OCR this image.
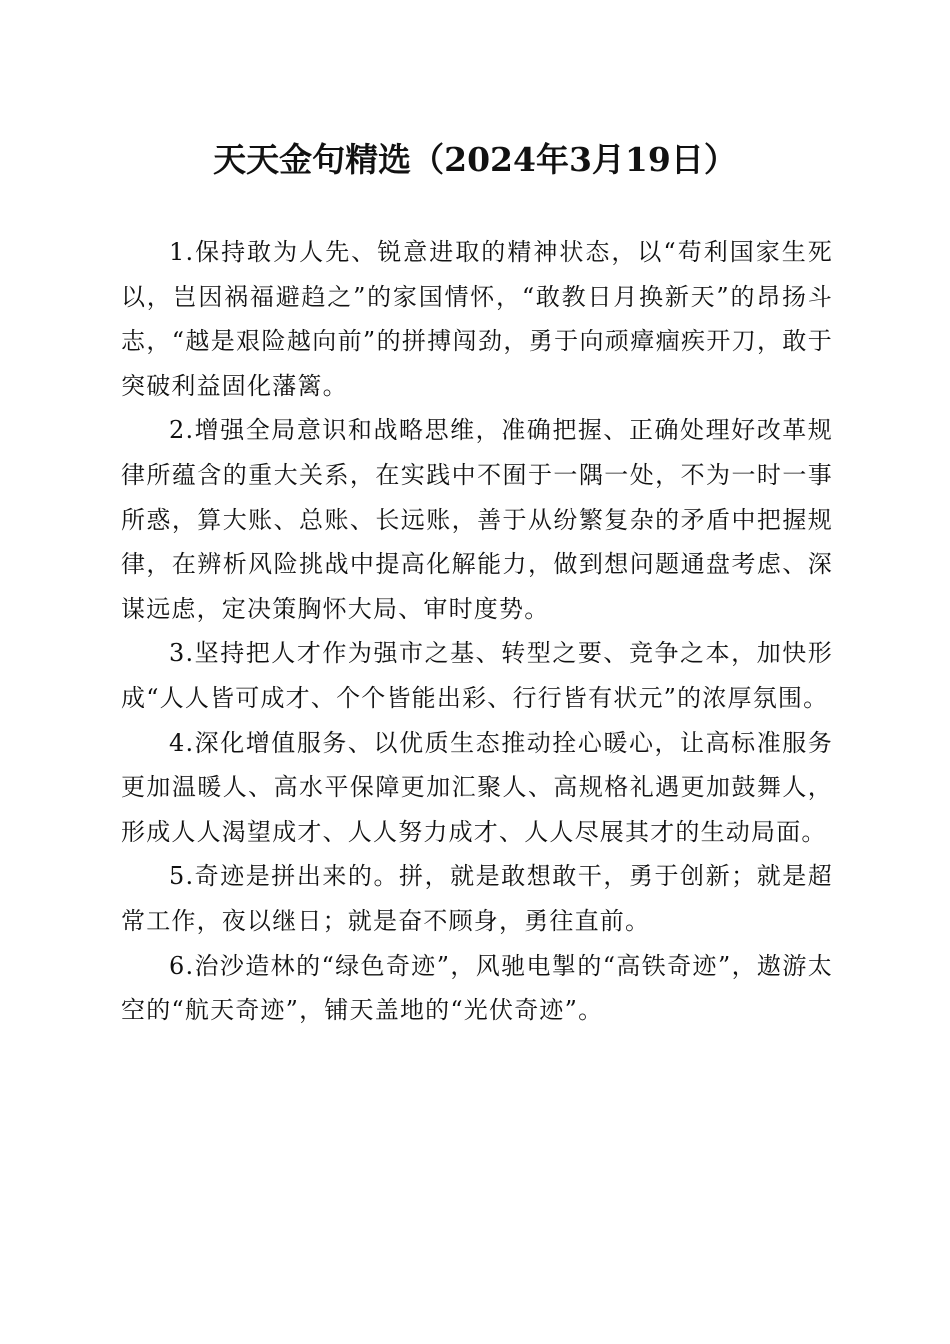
天天金句精选（2024年3月19日）

1.保持敢为人先、锐意进取的精神状态，以“苟利国家生死以，岂因祸福避趋之”的家国情怀，“敢教日月换新天”的昂扬斗志，“越是艰险越向前”的拼搏闯劲，勇于向顽瘴痼疾开刀，敢于突破利益固化藩篱。

2.增强全局意识和战略思维，准确把握、正确处理好改革规律所蕴含的重大关系，在实践中不囿于一隅一处，不为一时一事所惑，算大账、总账、长远账，善于从纷繁复杂的矛盾中把握规律，在辨析风险挑战中提高化解能力，做到想问题通盘考虑、深谋远虑，定决策胸怀大局、审时度势。

3.坚持把人才作为强市之基、转型之要、竞争之本，加快形成“人人皆可成才、个个皆能出彩、行行皆有状元”的浓厚氛围。

4.深化增值服务、以优质生态推动拴心暖心，让高标准服务更加温暖人、高水平保障更加汇聚人、高规格礼遇更加鼓舞人，形成人人渴望成才、人人努力成才、人人尽展其才的生动局面。

5.奇迹是拼出来的。拼，就是敢想敢干，勇于创新；就是超常工作，夜以继日；就是奋不顾身，勇往直前。

6.治沙造林的“绿色奇迹”，风驰电掣的“高铁奇迹”，遨游太空的“航天奇迹”，铺天盖地的“光伏奇迹”。
